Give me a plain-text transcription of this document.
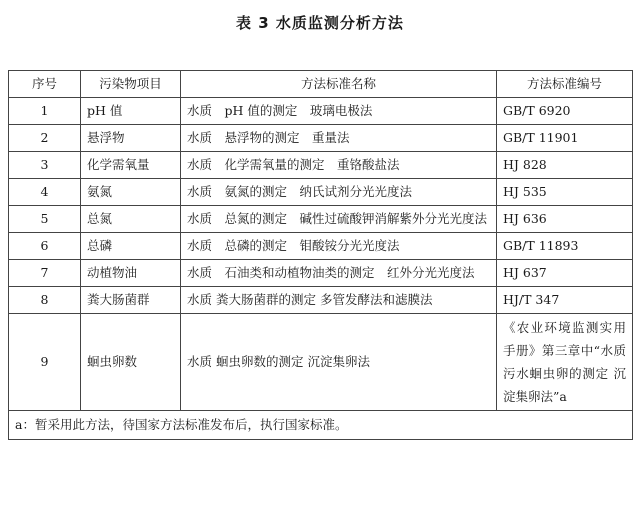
表 3 水质监测分析方法
序号	污染物项目	方法标准名称	方法标准编号
1	pH 值	水质　pH 值的测定　玻璃电极法	GB/T 6920
2	悬浮物	水质　悬浮物的测定　重量法	GB/T 11901
3	化学需氧量	水质　化学需氧量的测定　重铬酸盐法	HJ 828
4	氨氮	水质　氨氮的测定　纳氏试剂分光光度法	HJ 535
5	总氮	水质　总氮的测定　碱性过硫酸钾消解紫外分光光度法	HJ 636
6	总磷	水质　总磷的测定　钼酸铵分光光度法	GB/T 11893
7	动植物油	水质　石油类和动植物油类的测定　红外分光光度法	HJ 637
8	粪大肠菌群	水质 粪大肠菌群的测定 多管发酵法和滤膜法	HJ/T 347
9	蛔虫卵数	水质 蛔虫卵数的测定 沉淀集卵法	《农业环境监测实用手册》第三章中“水质 污水蛔虫卵的测定 沉淀集卵法”a
a：暂采用此方法，待国家方法标准发布后，执行国家标准。			
